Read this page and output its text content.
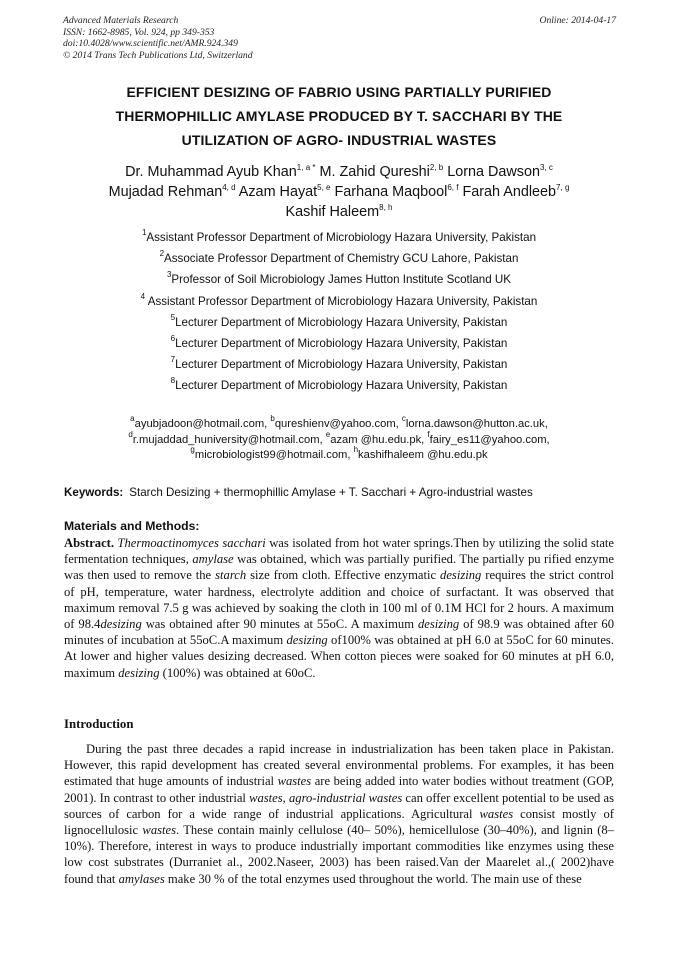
Advanced Materials Research
ISSN: 1662-8985, Vol. 924, pp 349-353
doi:10.4028/www.scientific.net/AMR.924.349
© 2014 Trans Tech Publications Ltd, Switzerland
Online: 2014-04-17
EFFICIENT DESIZING OF FABRIO USING PARTIALLY PURIFIED
THERMOPHILLIC AMYLASE PRODUCED BY T. SACCHARI BY THE
UTILIZATION OF AGRO- INDUSTRIAL WASTES
Dr. Muhammad Ayub Khan$^{1, a *}$ M. Zahid Qureshi$^{2, b}$ Lorna Dawson$^{3, c}$
Mujadad Rehman$^{4, d}$ Azam Hayat$^{5, e}$ Farhana Maqbool$^{6, f}$ Farah Andleeb$^{7, g}$
Kashif Haleem$^{8, h}$
$^1$Assistant Professor Department of Microbiology Hazara University, Pakistan
$^2$Associate Professor Department of Chemistry GCU Lahore, Pakistan
$^3$Professor of Soil Microbiology James Hutton Institute Scotland UK
$^4$ Assistant Professor Department of Microbiology Hazara University, Pakistan
$^5$Lecturer Department of Microbiology Hazara University, Pakistan
$^6$Lecturer Department of Microbiology Hazara University, Pakistan
$^7$Lecturer Department of Microbiology Hazara University, Pakistan
$^8$Lecturer Department of Microbiology Hazara University, Pakistan
$^a$ayubjadoon@hotmail.com, $^b$qureshienv@yahoo.com, $^c$lorna.dawson@hutton.ac.uk,
$^d$r.mujaddad_huniversity@hotmail.com, $^e$azam @hu.edu.pk, $^f$fairy_es11@yahoo.com,
$^g$microbiologist99@hotmail.com, $^h$kashifhaleem @hu.edu.pk
Keywords: Starch Desizing + thermophillic Amylase + T. Sacchari + Agro-industrial wastes
Materials and Methods:

Abstract. Thermoactinomyces sacchari was isolated from hot water springs.Then by utilizing the solid state fermentation techniques, amylase was obtained, which was partially purified. The partially pu rified enzyme was then used to remove the starch size from cloth. Effective enzymatic desizing requires the strict control of pH, temperature, water hardness, electrolyte addition and choice of surfactant. It was observed that maximum removal 7.5 g was achieved by soaking the cloth in 100 ml of 0.1M HCl for 2 hours. A maximum of 98.4desizing was obtained after 90 minutes at 55oC. A maximum desizing of 98.9 was obtained after 60 minutes of incubation at 55oC.A maximum desizing of100% was obtained at pH 6.0 at 55oC for 60 minutes. At lower and higher values desizing decreased. When cotton pieces were soaked for 60 minutes at pH 6.0, maximum desizing (100%) was obtained at 60oC.

Introduction

During the past three decades a rapid increase in industrialization has been taken place in Pakistan. However, this rapid development has created several environmental problems. For examples, it has been estimated that huge amounts of industrial wastes are being added into water bodies without treatment (GOP, 2001). In contrast to other industrial wastes, agro-industrial wastes can offer excellent potential to be used as sources of carbon for a wide range of industrial applications. Agricultural wastes consist mostly of lignocellulosic wastes. These contain mainly cellulose (40– 50%), hemicellulose (30–40%), and lignin (8–10%). Therefore, interest in ways to produce industrially important commodities like enzymes using these low cost substrates (Durraniet al., 2002.Naseer, 2003) has been raised.Van der Maarelet al.,( 2002)have found that amylases make 30 % of the total enzymes used throughout the world. The main use of these
